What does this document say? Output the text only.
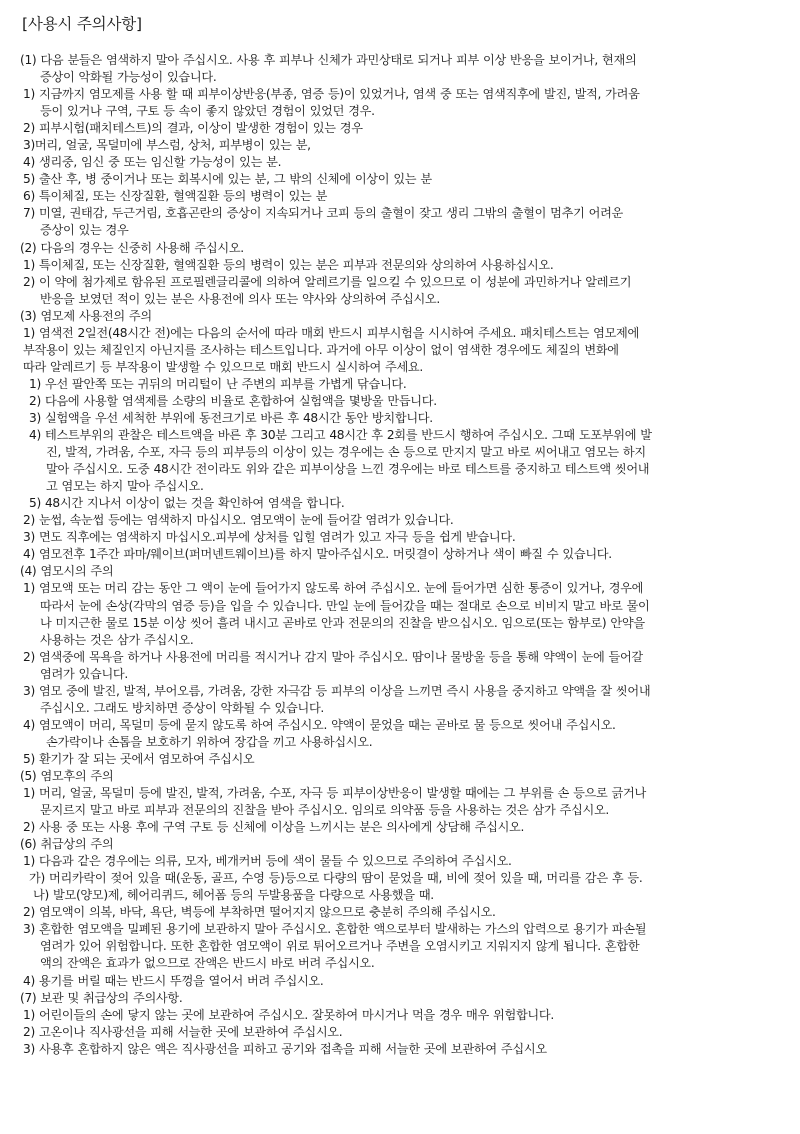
[사용시 주의사항]
(1) 다음 분들은 염색하지 말아 주십시오. 사용 후 피부나 신체가 과민상태로 되거나 피부 이상 반응을 보이거나, 현재의
증상이 악화될 가능성이 있습니다.
1) 지금까지 염모제를 사용 할 때 피부이상반응(부종, 염증 등)이 있었거나, 염색 중 또는 염색직후에 발진, 발적, 가려움
등이 있거나 구역, 구토 등 속이 좋지 않았던 경험이 있었던 경우.
2) 피부시험(패치테스트)의 결과, 이상이 발생한 경험이 있는 경우
3)머리, 얼굴, 목덜미에 부스럼, 상처, 피부병이 있는 분,
4) 생리중, 임신 중 또는 임신할 가능성이 있는 분.
5) 출산 후, 병 중이거나 또는 회복시에 있는 분, 그 밖의 신체에 이상이 있는 분
6) 특이체질, 또는 신장질환, 혈액질환 등의 병력이 있는 분
7) 미열, 권태감, 두근거림, 호흡곤란의 증상이 지속되거나 코피 등의 출혈이 잦고 생리 그밖의 출혈이 멈추기 어려운
증상이 있는 경우
(2) 다음의 경우는 신중히 사용해 주십시오.
1) 특이체질, 또는 신장질환, 혈액질환 등의 병력이 있는 분은 피부과 전문의와 상의하여 사용하십시오.
2) 이 약에 첨가제로 함유된 프로필렌글리콜에 의하여 알레르기를 일으킬 수 있으므로 이 성분에 과민하거나 알레르기
반응을 보였던 적이 있는 분은 사용전에 의사 또는 약사와 상의하여 주십시오.
(3) 염모제 사용전의 주의
1) 염색전 2일전(48시간 전)에는 다음의 순서에 따라 매회 반드시 피부시험을 시시하여 주세요. 패치테스트는 염모제에
부작용이 있는 체질인지 아닌지를 조사하는 테스트입니다. 과거에 아무 이상이 없이 염색한 경우에도 체질의 변화에
따라 알레르기 등 부작용이 발생할 수 있으므로 매회 반드시 실시하여 주세요.
1) 우선 팔안쪽 또는 귀뒤의 머리털이 난 주변의 피부를 가볍게 닦습니다.
2) 다음에 사용할 염색제를 소량의 비율로 혼합하여 실험액을 몇방울 만듭니다.
3) 실험액을 우선 세척한 부위에 동전크기로 바른 후 48시간 동안 방치합니다.
4) 테스트부위의 관찰은 테스트액을 바른 후 30분 그리고 48시간 후 2회를 반드시 행하여 주십시오. 그때 도포부위에 발
진, 발적, 가려움, 수포, 자극 등의 피부등의 이상이 있는 경우에는 손 등으로 만지지 말고 바로 씨어내고 염모는 하지
말아 주십시오. 도중 48시간 전이라도 위와 같은 피부이상을 느낀 경우에는 바로 테스트를 중지하고 테스트액 씻어내
고 염모는 하지 말아 주십시오.
5) 48시간 지나서 이상이 없는 것을 확인하여 염색을 합니다.
2) 눈썹, 속눈썹 등에는 염색하지 마십시오. 염모액이 눈에 들어갈 염려가 있습니다.
3) 면도 직후에는 염색하지 마십시오.피부에 상처를 입힐 염려가 있고 자극 등을 쉽게 받습니다.
4) 염모전후 1주간 파마/웨이브(퍼머넨트웨이브)를 하지 말아주십시오. 머릿결이 상하거나 색이 빠질 수 있습니다.
(4) 염모시의 주의
1) 염모액 또는 머리 감는 동안 그 액이 눈에 들어가지 않도록 하여 주십시오. 눈에 들어가면 심한 통증이 있거나, 경우에
따라서 눈에 손상(각막의 염증 등)을 입을 수 있습니다. 만일 눈에 들어갔을 때는 절대로 손으로 비비지 말고 바로 물이
나 미지근한 물로 15분 이상 씻어 흘려 내시고 곧바로 안과 전문의의 진찰을 받으십시오. 임으로(또는 함부로) 안약을
사용하는 것은 삼가 주십시오.
2) 염색중에 목욕을 하거나 사용전에 머리를 적시거나 감지 말아 주십시오. 땀이나 물방울 등을 통해 약액이 눈에 들어갈
염려가 있습니다.
3) 염모 중에 발진, 발적, 부어오름, 가려움, 강한 자극감 등 피부의 이상을 느끼면 즉시 사용을 중지하고 약액을 잘 씻어내
주십시오. 그래도 방치하면 증상이 악화될 수 있습니다.
4) 염모액이 머리, 목덜미 등에 묻지 않도록 하여 주십시오. 약액이 묻었을 때는 곧바로 물 등으로 씻어내 주십시오.
손가락이나 손톱을 보호하기 위하여 장갑을 끼고 사용하십시오.
5) 환기가 잘 되는 곳에서 염모하여 주십시오
(5) 염모후의 주의
1) 머리, 얼굴, 목덜미 등에 발진, 발적, 가려움, 수포, 자극 등 피부이상반응이 발생할 때에는 그 부위를 손 등으로 긁거나
문지르지 말고 바로 피부과 전문의의 진찰을 받아 주십시오. 임의로 의약품 등을 사용하는 것은 삼가 주십시오.
2) 사용 중 또는 사용 후에 구역 구토 등 신체에 이상을 느끼시는 분은 의사에게 상담해 주십시오.
(6) 취급상의 주의
1) 다음과 같은 경우에는 의류, 모자, 베개커버 등에 색이 물들 수 있으므로 주의하여 주십시오.
가) 머리카락이 젖어 있을 때(운동, 골프, 수영 등)등으로 다량의 땀이 묻었을 때, 비에 젖어 있을 때, 머리를 감은 후 등.
나) 발모(양모)제, 헤어리퀴드, 헤어폼 등의 두발용품을 다량으로 사용했을 때.
2) 염모액이 의복, 바닥, 욕단, 벽등에 부착하면 떨어지지 않으므로 충분히 주의해 주십시오.
3) 혼합한 염모액을 밀폐된 용기에 보관하지 말아 주십시오. 혼합한 액으로부터 발새하는 가스의 압력으로 용기가 파손될
염려가 있어 위험합니다. 또한 혼합한 염모액이 위로 튀어오르거나 주변을 오염시키고 지워지지 않게 됩니다. 혼합한
액의 잔액은 효과가 없으므로 잔액은 반드시 바로 버려 주십시오.
4) 용기를 버릴 때는 반드시 뚜껑을 열어서 버려 주십시오.
(7) 보관 및 취급상의 주의사항.
1) 어린이들의 손에 닿지 않는 곳에 보관하여 주십시오. 잘못하여 마시거나 먹을 경우 매우 위험합니다.
2) 고온이나 직사광선을 피해 서늘한 곳에 보관하여 주십시오.
3) 사용후 혼합하지 않은 액은 직사광선을 피하고 공기와 접촉을 피해 서늘한 곳에 보관하여 주십시오
